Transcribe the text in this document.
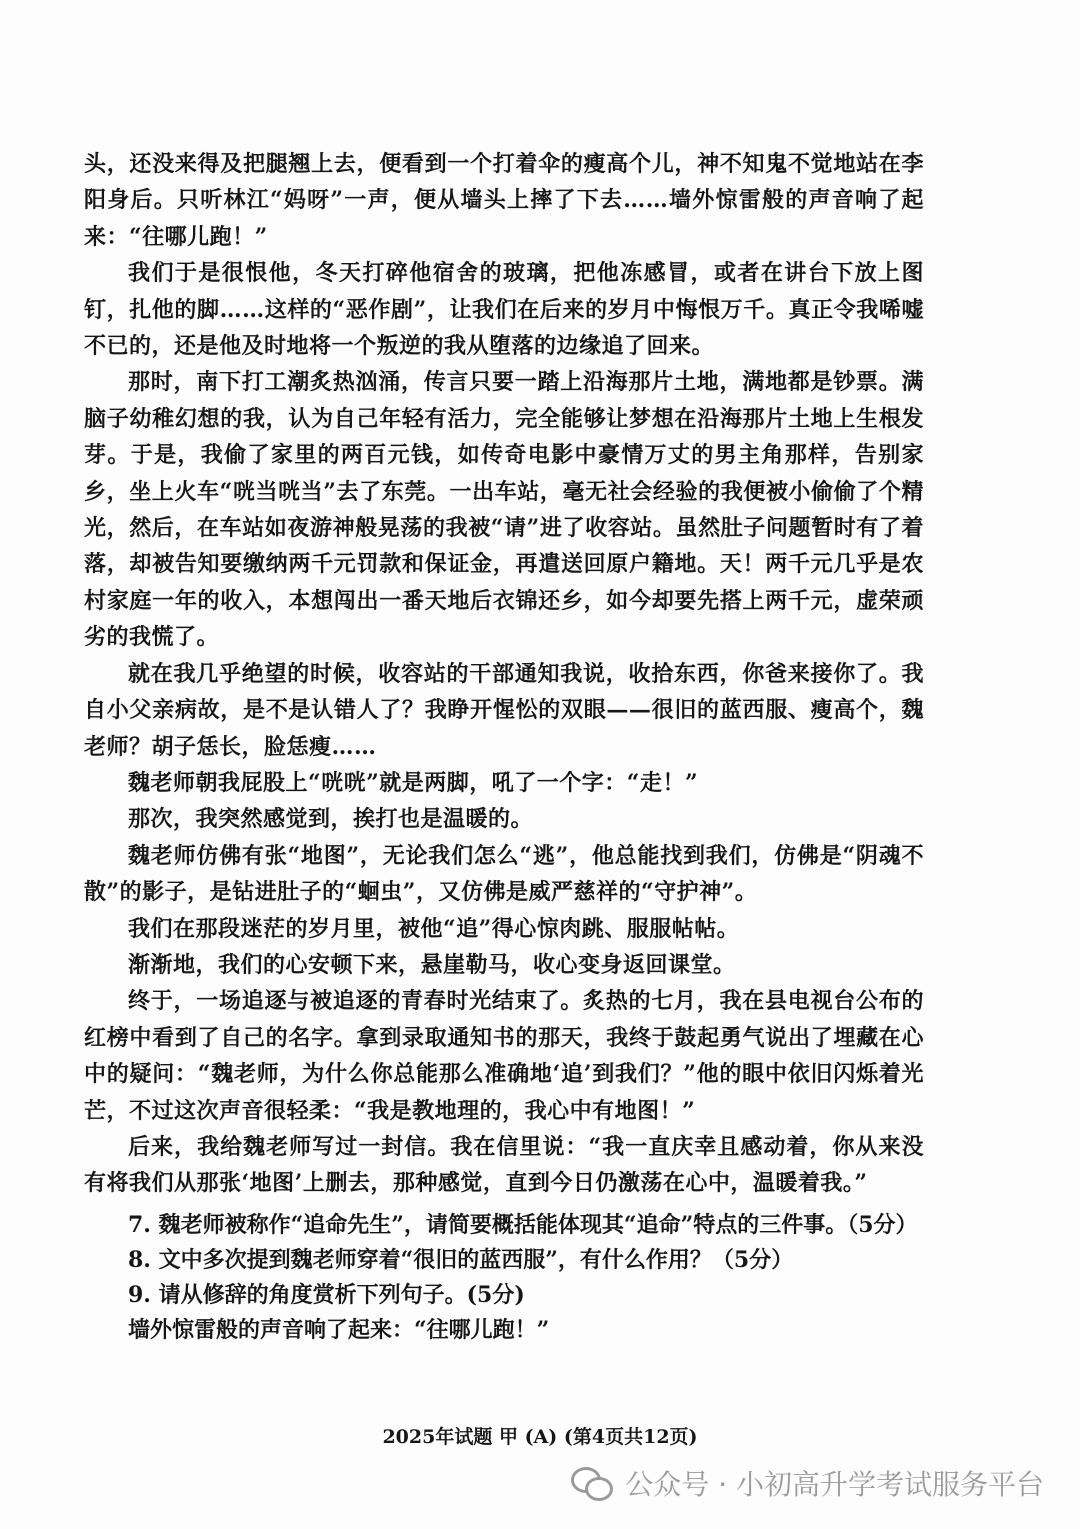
头，还没来得及把腿翘上去，便看到一个打着伞的瘦高个儿，神不知鬼不觉地站在李阳身后。只听林江“妈呀”一声，便从墙头上摔了下去……墙外惊雷般的声音响了起来：“往哪儿跑！”

我们于是很恨他，冬天打碎他宿舍的玻璃，把他冻感冒，或者在讲台下放上图钉，扎他的脚……这样的“恶作剧”，让我们在后来的岁月中悔恨万千。真正令我唏嘘不已的，还是他及时地将一个叛逆的我从堕落的边缘追了回来。

那时，南下打工潮炙热汹涌，传言只要一踏上沿海那片土地，满地都是钞票。满脑子幼稚幻想的我，认为自己年轻有活力，完全能够让梦想在沿海那片土地上生根发芽。于是，我偷了家里的两百元钱，如传奇电影中豪情万丈的男主角那样，告别家乡，坐上火车“咣当咣当”去了东莞。一出车站，毫无社会经验的我便被小偷偷了个精光，然后，在车站如夜游神般晃荡的我被“请”进了收容站。虽然肚子问题暂时有了着落，却被告知要缴纳两千元罚款和保证金，再遣送回原户籍地。天！两千元几乎是农村家庭一年的收入，本想闯出一番天地后衣锦还乡，如今却要先搭上两千元，虚荣顽劣的我慌了。

就在我几乎绝望的时候，收容站的干部通知我说，收拾东西，你爸来接你了。我自小父亲病故，是不是认错人了？我睁开惺忪的双眼——很旧的蓝西服、瘦高个，魏老师？胡子恁长，脸恁瘦……

魏老师朝我屁股上“咣咣”就是两脚，吼了一个字：“走！”

那次，我突然感觉到，挨打也是温暖的。

魏老师仿佛有张“地图”，无论我们怎么“逃”，他总能找到我们，仿佛是“阴魂不散”的影子，是钻进肚子的“蛔虫”，又仿佛是威严慈祥的“守护神”。

我们在那段迷茫的岁月里，被他“追”得心惊肉跳、服服帖帖。

渐渐地，我们的心安顿下来，悬崖勒马，收心变身返回课堂。

终于，一场追逐与被追逐的青春时光结束了。炙热的七月，我在县电视台公布的红榜中看到了自己的名字。拿到录取通知书的那天，我终于鼓起勇气说出了埋藏在心中的疑问：“魏老师，为什么你总能那么准确地‘追’到我们？”他的眼中依旧闪烁着光芒，不过这次声音很轻柔：“我是教地理的，我心中有地图！”

后来，我给魏老师写过一封信。我在信里说：“我一直庆幸且感动着，你从来没有将我们从那张‘地图’上删去，那种感觉，直到今日仍激荡在心中，温暖着我。”

7. 魏老师被称作“追命先生”，请简要概括能体现其“追命”特点的三件事。（5分）

8. 文中多次提到魏老师穿着“很旧的蓝西服”，有什么作用？（5分）

9. 请从修辞的角度赏析下列句子。(5分)

墙外惊雷般的声音响了起来：“往哪儿跑！”

2025年试题 甲 (A) (第4页共12页)
公众号 · 小初高升学考试服务平台
